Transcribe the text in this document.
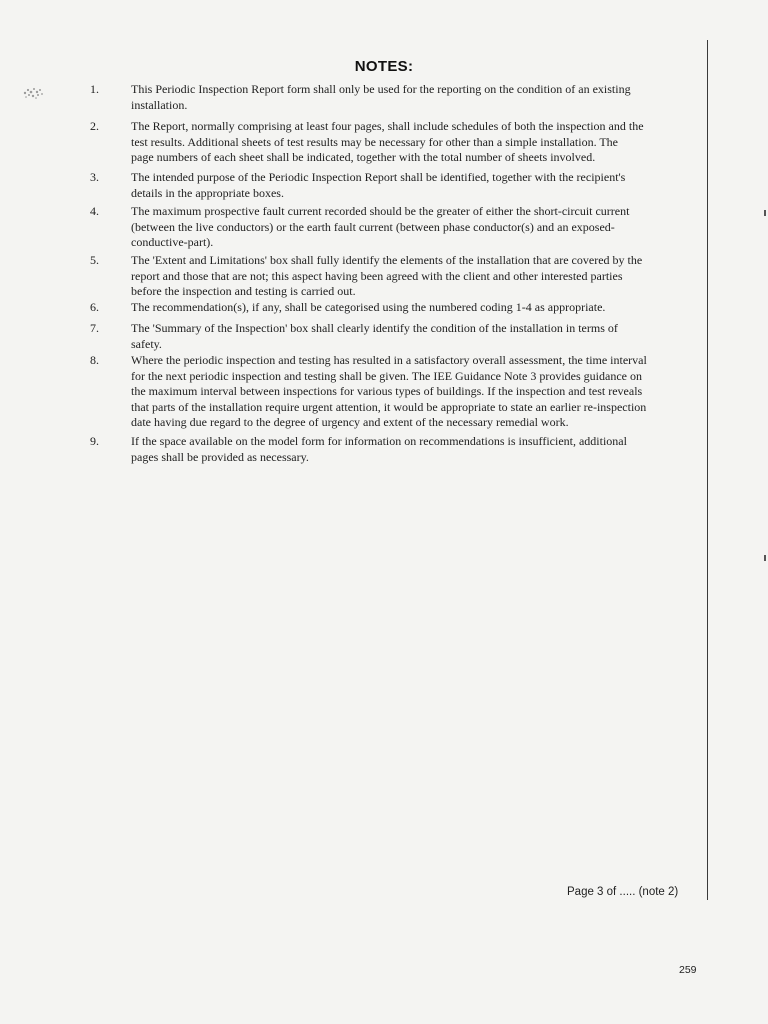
NOTES:
1.	This Periodic Inspection Report form shall only be used for the reporting on the condition of an existing
installation.
2.	The Report, normally comprising at least four pages, shall include schedules of both the inspection and the
test results. Additional sheets of test results may be necessary for other than a simple installation. The
page numbers of each sheet shall be indicated, together with the total number of sheets involved.
3.	The intended purpose of the Periodic Inspection Report shall be identified, together with the recipient's
details in the appropriate boxes.
4.	The maximum prospective fault current recorded should be the greater of either the short-circuit current
(between the live conductors) or the earth fault current (between phase conductor(s) and an exposed-
conductive-part).
5.	The 'Extent and Limitations' box shall fully identify the elements of the installation that are covered by the
report and those that are not; this aspect having been agreed with the client and other interested parties
before the inspection and testing is carried out.
6.	The recommendation(s), if any, shall be categorised using the numbered coding 1-4 as appropriate.
7.	The 'Summary of the Inspection' box shall clearly identify the condition of the installation in terms of
safety.
8.	Where the periodic inspection and testing has resulted in a satisfactory overall assessment, the time interval
for the next periodic inspection and testing shall be given. The IEE Guidance Note 3 provides guidance on
the maximum interval between inspections for various types of buildings. If the inspection and test reveals
that parts of the installation require urgent attention, it would be appropriate to state an earlier re-inspection
date having due regard to the degree of urgency and extent of the necessary remedial work.
9.	If the space available on the model form for information on recommendations is insufficient, additional
pages shall be provided as necessary.
Page 3 of ..... (note 2)
259
